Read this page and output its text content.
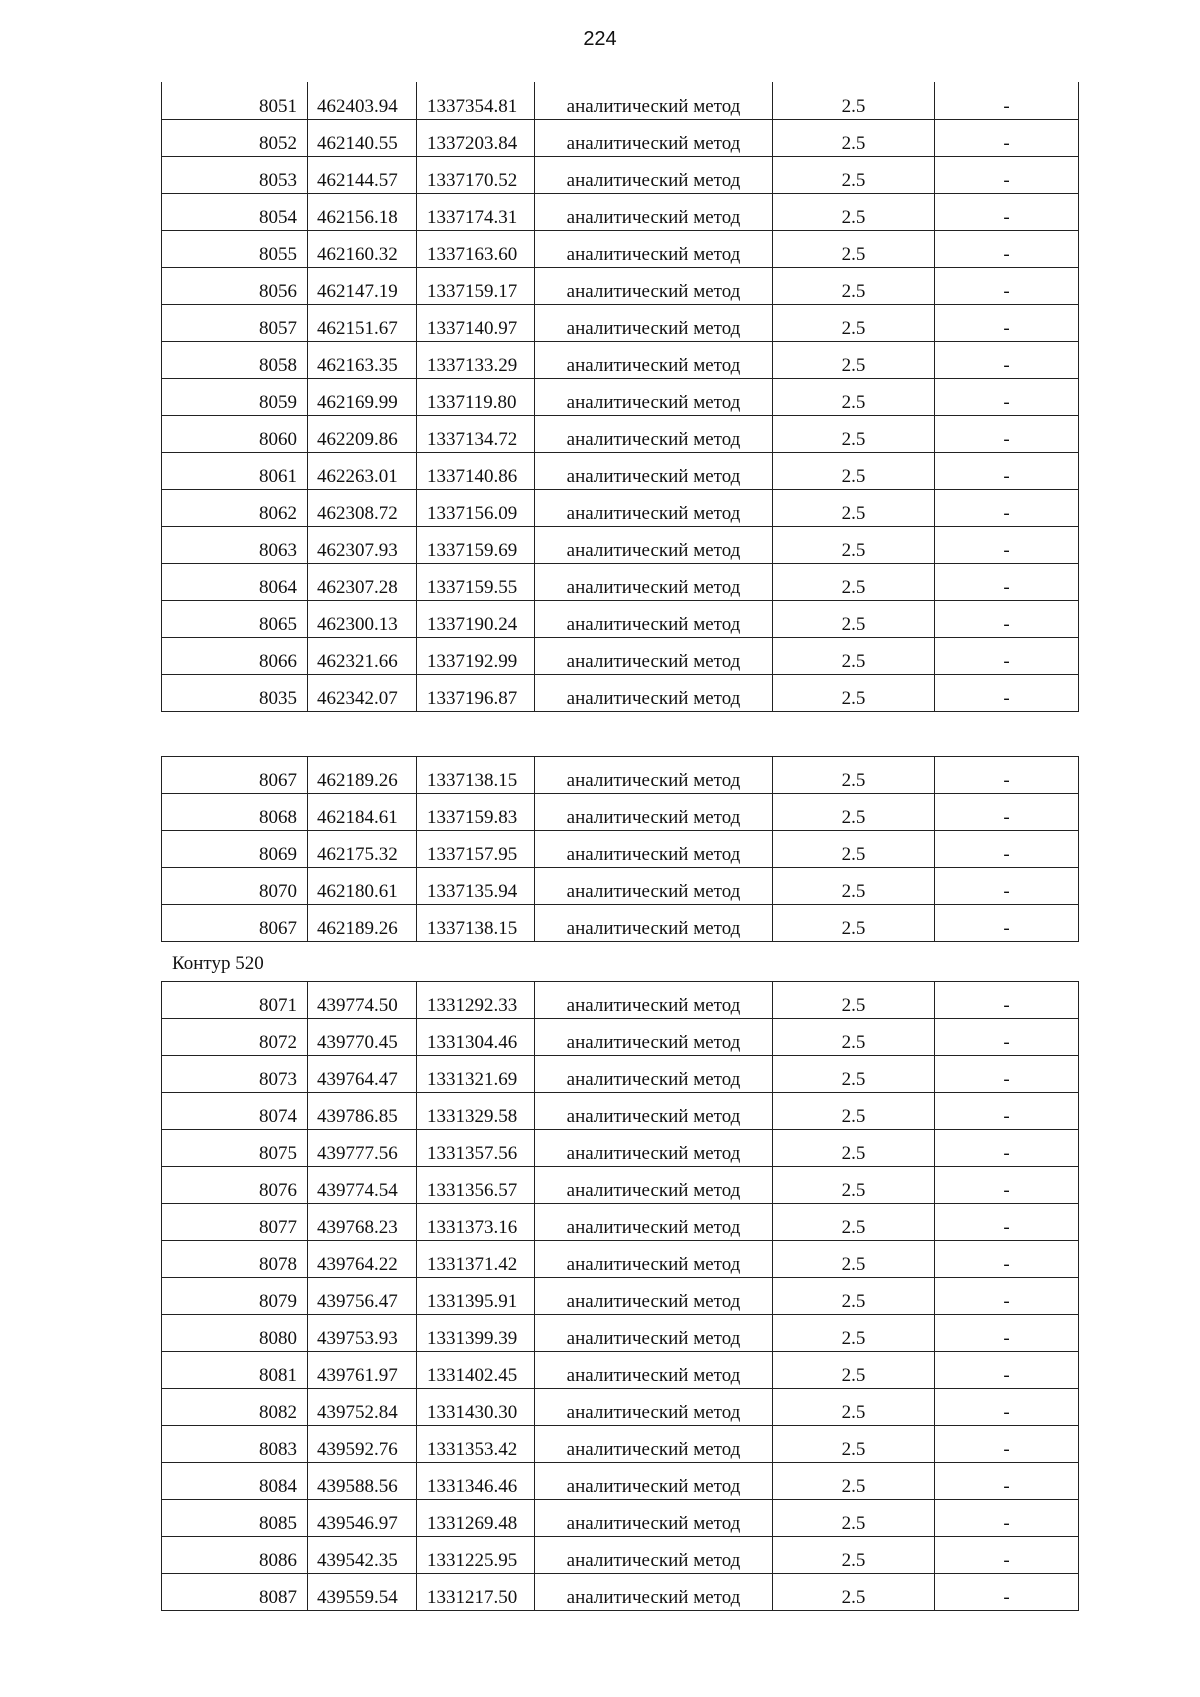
224
8051	462403.94	1337354.81	аналитический метод	2.5	-
8052	462140.55	1337203.84	аналитический метод	2.5	-
8053	462144.57	1337170.52	аналитический метод	2.5	-
8054	462156.18	1337174.31	аналитический метод	2.5	-
8055	462160.32	1337163.60	аналитический метод	2.5	-
8056	462147.19	1337159.17	аналитический метод	2.5	-
8057	462151.67	1337140.97	аналитический метод	2.5	-
8058	462163.35	1337133.29	аналитический метод	2.5	-
8059	462169.99	1337119.80	аналитический метод	2.5	-
8060	462209.86	1337134.72	аналитический метод	2.5	-
8061	462263.01	1337140.86	аналитический метод	2.5	-
8062	462308.72	1337156.09	аналитический метод	2.5	-
8063	462307.93	1337159.69	аналитический метод	2.5	-
8064	462307.28	1337159.55	аналитический метод	2.5	-
8065	462300.13	1337190.24	аналитический метод	2.5	-
8066	462321.66	1337192.99	аналитический метод	2.5	-
8035	462342.07	1337196.87	аналитический метод	2.5	-
8067	462189.26	1337138.15	аналитический метод	2.5	-
8068	462184.61	1337159.83	аналитический метод	2.5	-
8069	462175.32	1337157.95	аналитический метод	2.5	-
8070	462180.61	1337135.94	аналитический метод	2.5	-
8067	462189.26	1337138.15	аналитический метод	2.5	-
Контур 520
8071	439774.50	1331292.33	аналитический метод	2.5	-
8072	439770.45	1331304.46	аналитический метод	2.5	-
8073	439764.47	1331321.69	аналитический метод	2.5	-
8074	439786.85	1331329.58	аналитический метод	2.5	-
8075	439777.56	1331357.56	аналитический метод	2.5	-
8076	439774.54	1331356.57	аналитический метод	2.5	-
8077	439768.23	1331373.16	аналитический метод	2.5	-
8078	439764.22	1331371.42	аналитический метод	2.5	-
8079	439756.47	1331395.91	аналитический метод	2.5	-
8080	439753.93	1331399.39	аналитический метод	2.5	-
8081	439761.97	1331402.45	аналитический метод	2.5	-
8082	439752.84	1331430.30	аналитический метод	2.5	-
8083	439592.76	1331353.42	аналитический метод	2.5	-
8084	439588.56	1331346.46	аналитический метод	2.5	-
8085	439546.97	1331269.48	аналитический метод	2.5	-
8086	439542.35	1331225.95	аналитический метод	2.5	-
8087	439559.54	1331217.50	аналитический метод	2.5	-
